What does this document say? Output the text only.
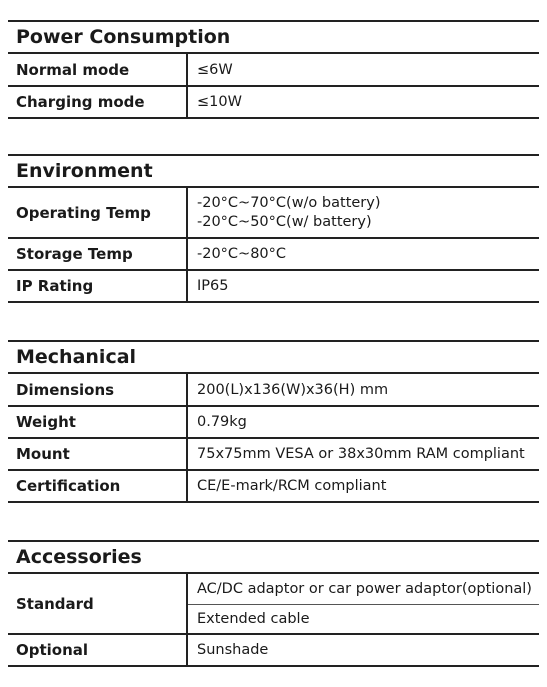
Power Consumption
Normal mode	≤6W
Charging mode	≤10W
Environment
Operating Temp	-20°C~70°C(w/o battery)
-20°C~50°C(w/ battery)

Storage Temp	-20°C~80°C
IP Rating	IP65
Mechanical
Dimensions	200(L)x136(W)x36(H) mm
Weight	0.79kg
Mount	75x75mm VESA or 38x30mm RAM compliant
Certification	CE/E-mark/RCM compliant
Accessories
Standard	AC/DC adaptor or car power adaptor(optional)
	Extended cable
Optional	Sunshade
